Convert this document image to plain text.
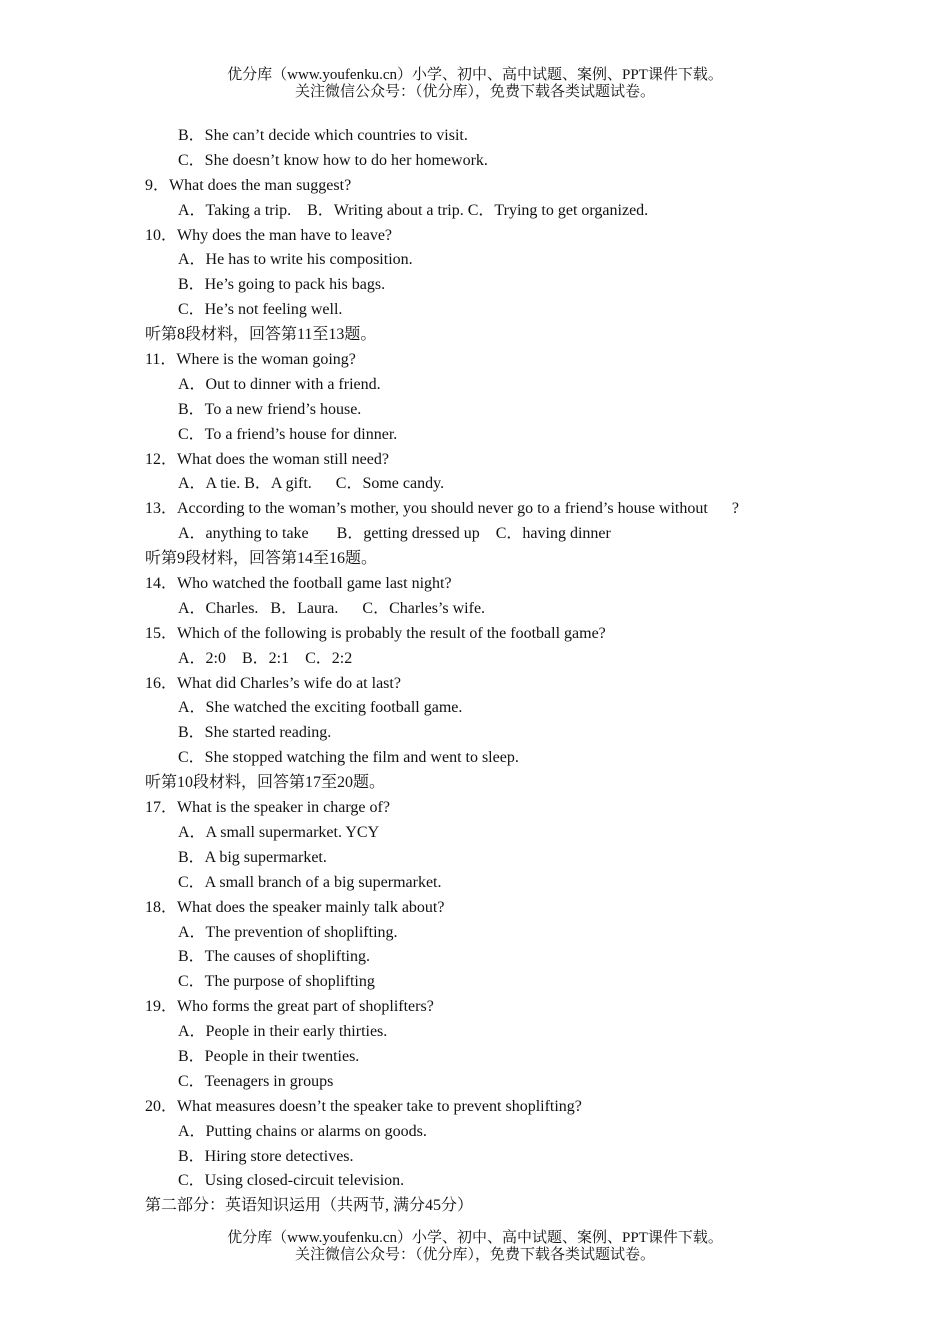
优分库（www.youfenku.cn）小学、初中、高中试题、案例、PPT课件下载。
关注微信公众号：（优分库），免费下载各类试题试卷。
B．She can’t decide which countries to visit.
C．She doesn’t know how to do her homework.
9．What does the man suggest?
A．Taking a trip.    B．Writing about a trip. C．Trying to get organized.
10．Why does the man have to leave?
A．He has to write his composition.
B．He’s going to pack his bags.
C．He’s not feeling well.
听第8段材料，回答第11至13题。
11．Where is the woman going?
A．Out to dinner with a friend.
B．To a new friend’s house.
C．To a friend’s house for dinner.
12．What does the woman still need?
A．A tie. B．A gift.      C．Some candy.
13．According to the woman’s mother, you should never go to a friend’s house without      ?
A．anything to take       B．getting dressed up    C．having dinner
听第9段材料，回答第14至16题。
14．Who watched the football game last night?
A．Charles.   B．Laura.      C．Charles’s wife.
15．Which of the following is probably the result of the football game?
A．2:0    B．2:1    C．2:2
16．What did Charles’s wife do at last?
A．She watched the exciting football game.
B．She started reading.
C．She stopped watching the film and went to sleep.
听第10段材料，回答第17至20题。
17．What is the speaker in charge of?
A．A small supermarket. YCY
B．A big supermarket.
C．A small branch of a big supermarket.
18．What does the speaker mainly talk about?
A．The prevention of shoplifting.
B．The causes of shoplifting.
C．The purpose of shoplifting
19．Who forms the great part of shoplifters?
A．People in their early thirties.
B．People in their twenties.
C．Teenagers in groups
20．What measures doesn’t the speaker take to prevent shoplifting?
A．Putting chains or alarms on goods.
B．Hiring store detectives.
C．Using closed-circuit television.
第二部分：英语知识运用（共两节, 满分45分）
优分库（www.youfenku.cn）小学、初中、高中试题、案例、PPT课件下载。
关注微信公众号：（优分库），免费下载各类试题试卷。
